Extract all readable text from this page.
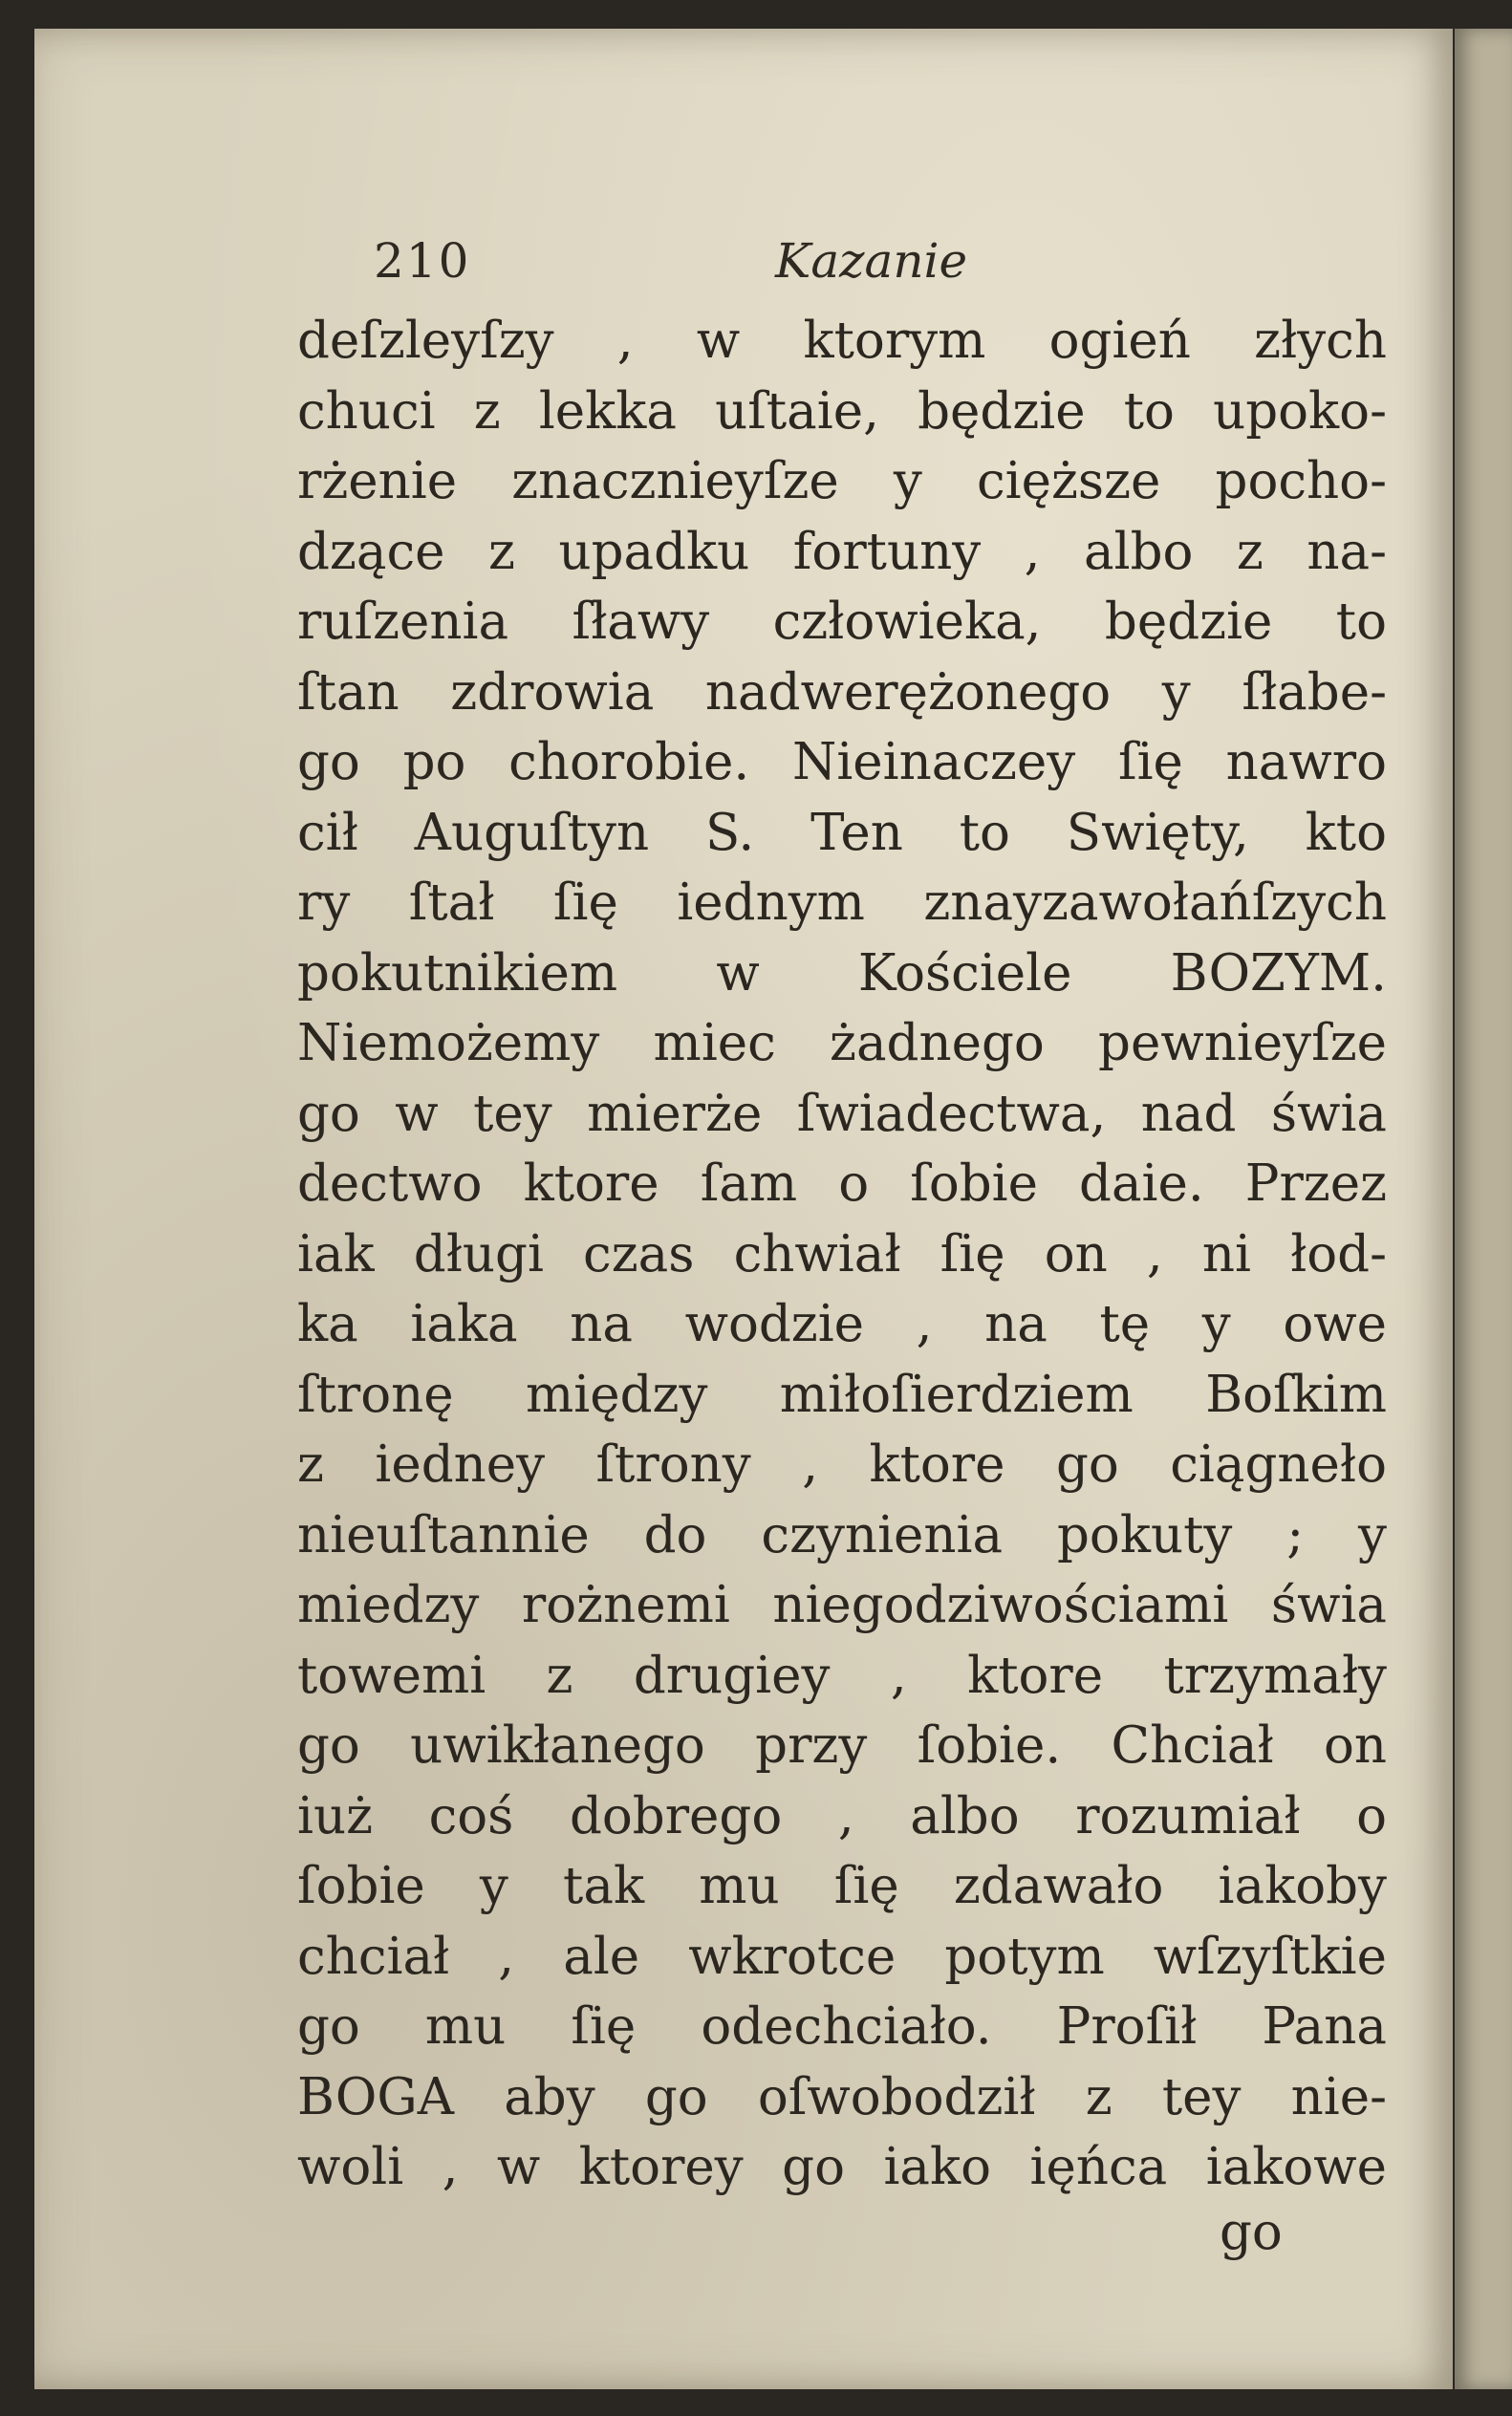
210	Kazanie
deſzleyſzy , w ktorym ogień złych
chuci z lekka uſtaie, będzie to upoko-
rżenie znacznieyſze y cięższe pocho-
dzące z upadku fortuny , albo z na-
ruſzenia ſławy człowieka, będzie to
ſtan zdrowia nadwerężonego y ſłabe-
go po chorobie. Nieinaczey ſię nawro
cił Auguſtyn S. Ten to Swięty, kto
ry ſtał ſię iednym znayzawołańſzych
pokutnikiem w Kościele BOZYM.
Niemożemy miec żadnego pewnieyſze
go w tey mierże ſwiadectwa, nad świa
dectwo ktore ſam o ſobie daie. Przez
iak długi czas chwiał ſię on , ni łod-
ka iaka na wodzie , na tę y owe
ſtronę między miłoſierdziem Boſkim
z iedney ſtrony , ktore go ciągneło
nieuſtannie do czynienia pokuty ; y
miedzy rożnemi niegodziwościami świa
towemi z drugiey , ktore trzymały
go uwikłanego przy ſobie. Chciał on
iuż coś dobrego , albo rozumiał o
ſobie y tak mu ſię zdawało iakoby
chciał , ale wkrotce potym wſzyſtkie
go mu ſię odechciało. Proſił Pana
BOGA aby go oſwobodził z tey nie-
woli , w ktorey go iako ięńca iakowe
go
